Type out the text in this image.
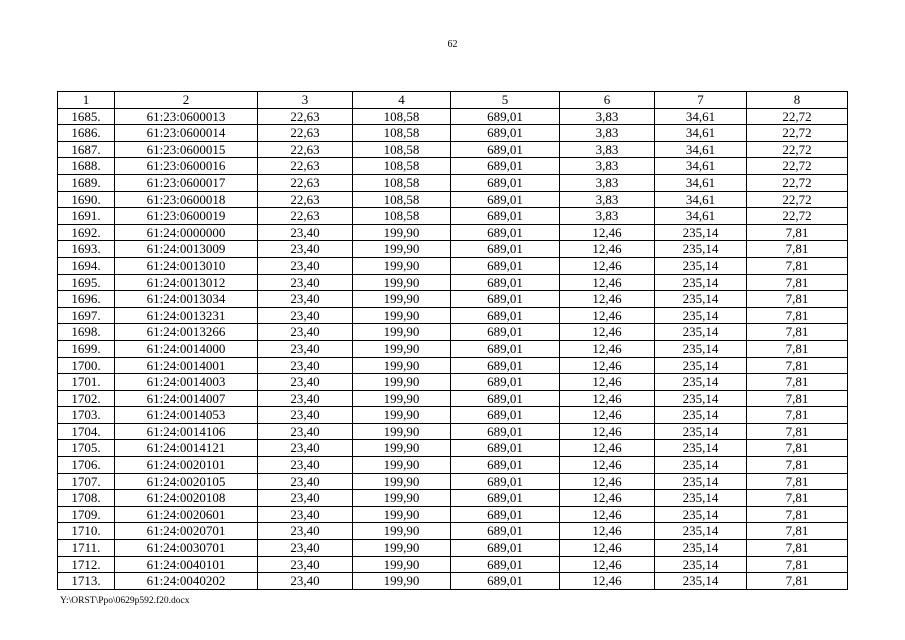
62
1	2	3	4	5	6	7	8
1685.	61:23:0600013	22,63	108,58	689,01	3,83	34,61	22,72
1686.	61:23:0600014	22,63	108,58	689,01	3,83	34,61	22,72
1687.	61:23:0600015	22,63	108,58	689,01	3,83	34,61	22,72
1688.	61:23:0600016	22,63	108,58	689,01	3,83	34,61	22,72
1689.	61:23:0600017	22,63	108,58	689,01	3,83	34,61	22,72
1690.	61:23:0600018	22,63	108,58	689,01	3,83	34,61	22,72
1691.	61:23:0600019	22,63	108,58	689,01	3,83	34,61	22,72
1692.	61:24:0000000	23,40	199,90	689,01	12,46	235,14	7,81
1693.	61:24:0013009	23,40	199,90	689,01	12,46	235,14	7,81
1694.	61:24:0013010	23,40	199,90	689,01	12,46	235,14	7,81
1695.	61:24:0013012	23,40	199,90	689,01	12,46	235,14	7,81
1696.	61:24:0013034	23,40	199,90	689,01	12,46	235,14	7,81
1697.	61:24:0013231	23,40	199,90	689,01	12,46	235,14	7,81
1698.	61:24:0013266	23,40	199,90	689,01	12,46	235,14	7,81
1699.	61:24:0014000	23,40	199,90	689,01	12,46	235,14	7,81
1700.	61:24:0014001	23,40	199,90	689,01	12,46	235,14	7,81
1701.	61:24:0014003	23,40	199,90	689,01	12,46	235,14	7,81
1702.	61:24:0014007	23,40	199,90	689,01	12,46	235,14	7,81
1703.	61:24:0014053	23,40	199,90	689,01	12,46	235,14	7,81
1704.	61:24:0014106	23,40	199,90	689,01	12,46	235,14	7,81
1705.	61:24:0014121	23,40	199,90	689,01	12,46	235,14	7,81
1706.	61:24:0020101	23,40	199,90	689,01	12,46	235,14	7,81
1707.	61:24:0020105	23,40	199,90	689,01	12,46	235,14	7,81
1708.	61:24:0020108	23,40	199,90	689,01	12,46	235,14	7,81
1709.	61:24:0020601	23,40	199,90	689,01	12,46	235,14	7,81
1710.	61:24:0020701	23,40	199,90	689,01	12,46	235,14	7,81
1711.	61:24:0030701	23,40	199,90	689,01	12,46	235,14	7,81
1712.	61:24:0040101	23,40	199,90	689,01	12,46	235,14	7,81
1713.	61:24:0040202	23,40	199,90	689,01	12,46	235,14	7,81
Y:\ORST\Ppo\0629p592.f20.docx
